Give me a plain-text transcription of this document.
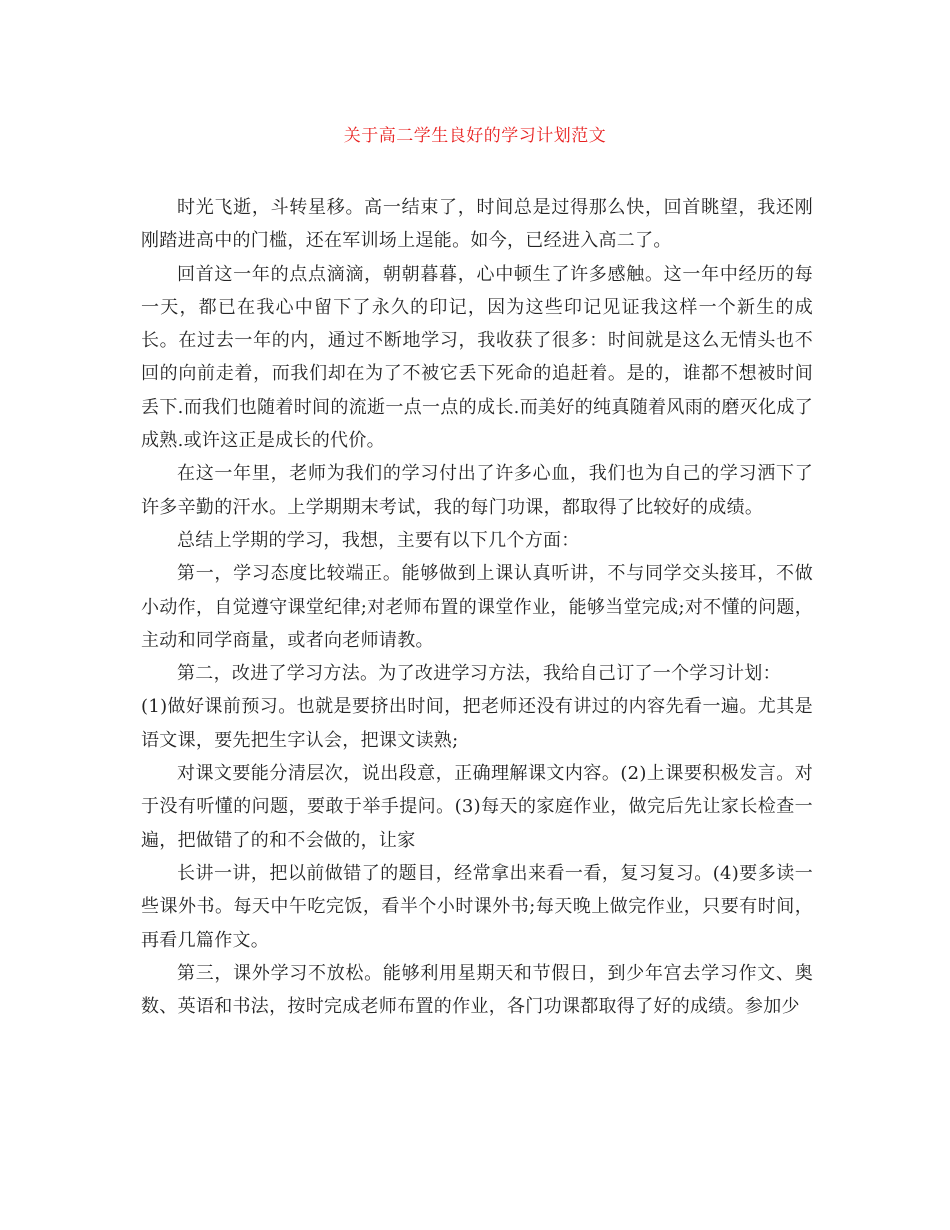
关于高二学生良好的学习计划范文

时光飞逝，斗转星移。高一结束了，时间总是过得那么快，回首眺望，我还刚刚踏进高中的门槛，还在军训场上逞能。如今，已经进入高二了。

回首这一年的点点滴滴，朝朝暮暮，心中顿生了许多感触。这一年中经历的每一天，都已在我心中留下了永久的印记，因为这些印记见证我这样一个新生的成长。在过去一年的内，通过不断地学习，我收获了很多：时间就是这么无情头也不回的向前走着，而我们却在为了不被它丢下死命的追赶着。是的，谁都不想被时间丢下.而我们也随着时间的流逝一点一点的成长.而美好的纯真随着风雨的磨灭化成了成熟.或许这正是成长的代价。

在这一年里，老师为我们的学习付出了许多心血，我们也为自己的学习洒下了许多辛勤的汗水。上学期期末考试，我的每门功课，都取得了比较好的成绩。

总结上学期的学习，我想，主要有以下几个方面：

第一，学习态度比较端正。能够做到上课认真听讲，不与同学交头接耳，不做小动作，自觉遵守课堂纪律;对老师布置的课堂作业，能够当堂完成;对不懂的问题，主动和同学商量，或者向老师请教。

第二，改进了学习方法。为了改进学习方法，我给自己订了一个学习计划：

(1)做好课前预习。也就是要挤出时间，把老师还没有讲过的内容先看一遍。尤其是语文课，要先把生字认会，把课文读熟;

对课文要能分清层次，说出段意，正确理解课文内容。(2)上课要积极发言。对于没有听懂的问题，要敢于举手提问。(3)每天的家庭作业，做完后先让家长检查一遍，把做错了的和不会做的，让家

长讲一讲，把以前做错了的题目，经常拿出来看一看，复习复习。(4)要多读一些课外书。每天中午吃完饭，看半个小时课外书;每天晚上做完作业，只要有时间，再看几篇作文。

第三，课外学习不放松。能够利用星期天和节假日，到少年宫去学习作文、奥数、英语和书法，按时完成老师布置的作业，各门功课都取得了好的成绩。参加少
